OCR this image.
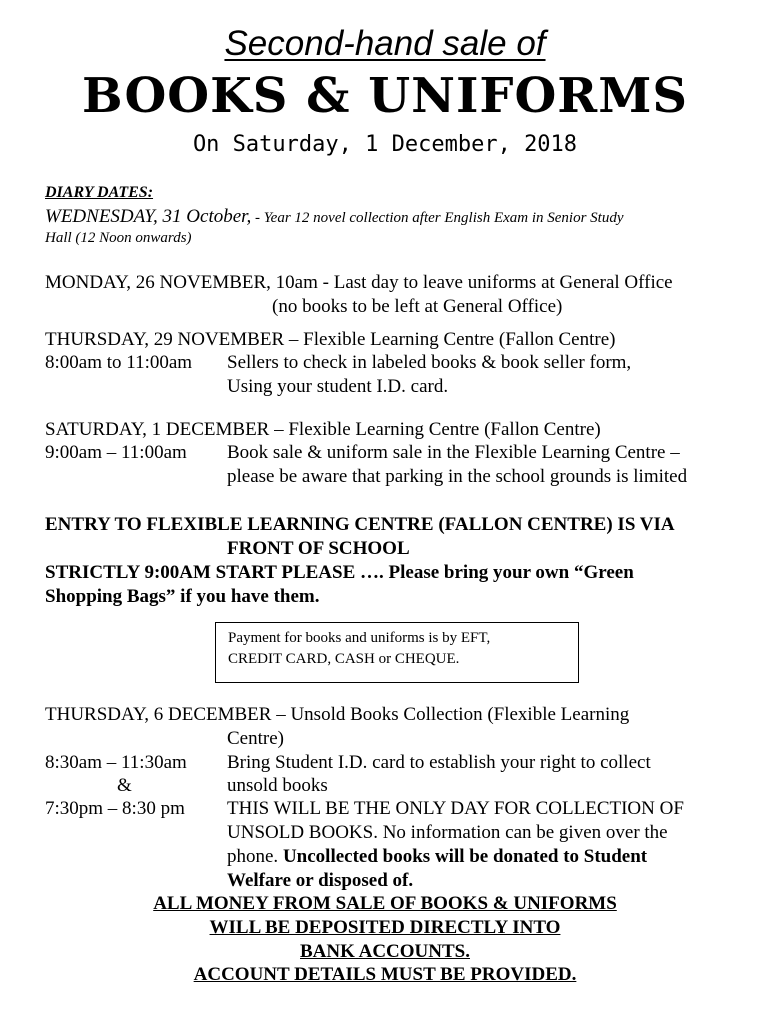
Second-hand sale of
BOOKS & UNIFORMS
On Saturday, 1 December, 2018
DIARY DATES:
WEDNESDAY, 31 October, - Year 12 novel collection after English Exam in Senior Study
Hall (12 Noon onwards)
MONDAY, 26 NOVEMBER, 10am - Last day to leave uniforms at General Office
(no books to be left at General Office)
THURSDAY, 29 NOVEMBER – Flexible Learning Centre (Fallon Centre)
8:00am to 11:00am Sellers to check in labeled books & book seller form,
Using your student I.D. card.
SATURDAY, 1 DECEMBER – Flexible Learning Centre (Fallon Centre)
9:00am – 11:00am Book sale & uniform sale in the Flexible Learning Centre –
please be aware that parking in the school grounds is limited
ENTRY TO FLEXIBLE LEARNING CENTRE (FALLON CENTRE) IS VIA
FRONT OF SCHOOL
STRICTLY 9:00AM START PLEASE …. Please bring your own “Green
Shopping Bags” if you have them.
Payment for books and uniforms is by EFT,
CREDIT CARD, CASH or CHEQUE.
THURSDAY, 6 DECEMBER – Unsold Books Collection (Flexible Learning
Centre)
8:30am – 11:30am
&
7:30pm – 8:30 pm
Bring Student I.D. card to establish your right to collect
unsold books
THIS WILL BE THE ONLY DAY FOR COLLECTION OF
UNSOLD BOOKS. No information can be given over the
phone. Uncollected books will be donated to Student
Welfare or disposed of.
ALL MONEY FROM SALE OF BOOKS & UNIFORMS
WILL BE DEPOSITED DIRECTLY INTO
BANK ACCOUNTS.
ACCOUNT DETAILS MUST BE PROVIDED.
